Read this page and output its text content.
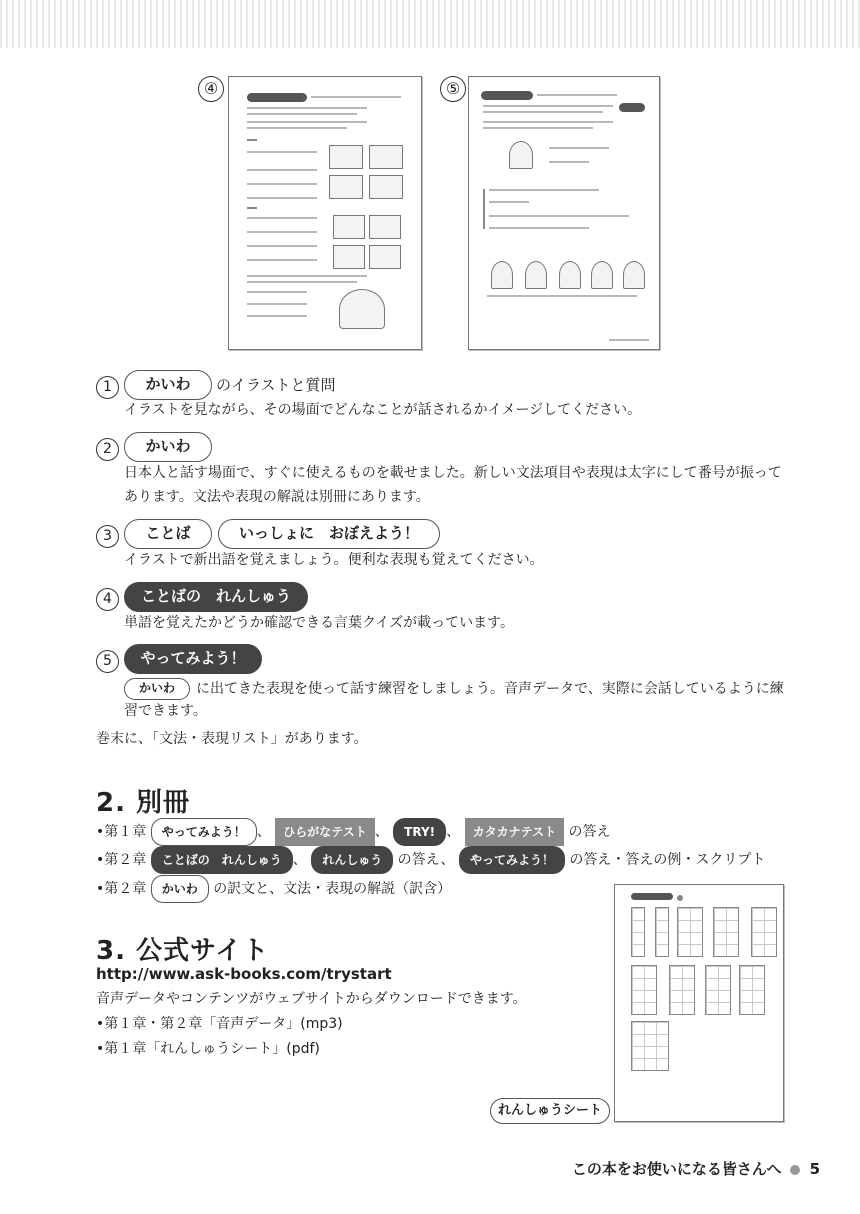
④	⑤
1	かいわ	のイラストと質問
イラストを見ながら、その場面でどんなことが話されるかイメージしてください。
2	かいわ
日本人と話す場面で、すぐに使えるものを載せました。新しい文法項目や表現は太字にして番号が振って
あります。文法や表現の解説は別冊にあります。
3	ことば	いっしょに　おぼえよう！
イラストで新出語を覚えましょう。便利な表現も覚えてください。
4	ことばの　れんしゅう
単語を覚えたかどうか確認できる言葉クイズが載っています。
5	やってみよう！
かいわ	に出てきた表現を使って話す練習をしましょう。音声データで、実際に会話しているように練
習できます。
巻末に、「文法・表現リスト」があります。
2. 別冊
•第１章 やってみよう！ 、 ひらがなテスト 、 TRY! 、 カタカナテスト の答え
•第２章 ことばの　れんしゅう 、 れんしゅう の答え、 やってみよう！ の答え・答えの例・スクリプト
•第２章 かいわ の訳文と、文法・表現の解説（訳含）
3. 公式サイト
http://www.ask-books.com/trystart
音声データやコンテンツがウェブサイトからダウンロードできます。
•第１章・第２章「音声データ」(mp3)
•第１章「れんしゅうシート」(pdf)
れんしゅうシート
この本をお使いになる皆さんへ 5
